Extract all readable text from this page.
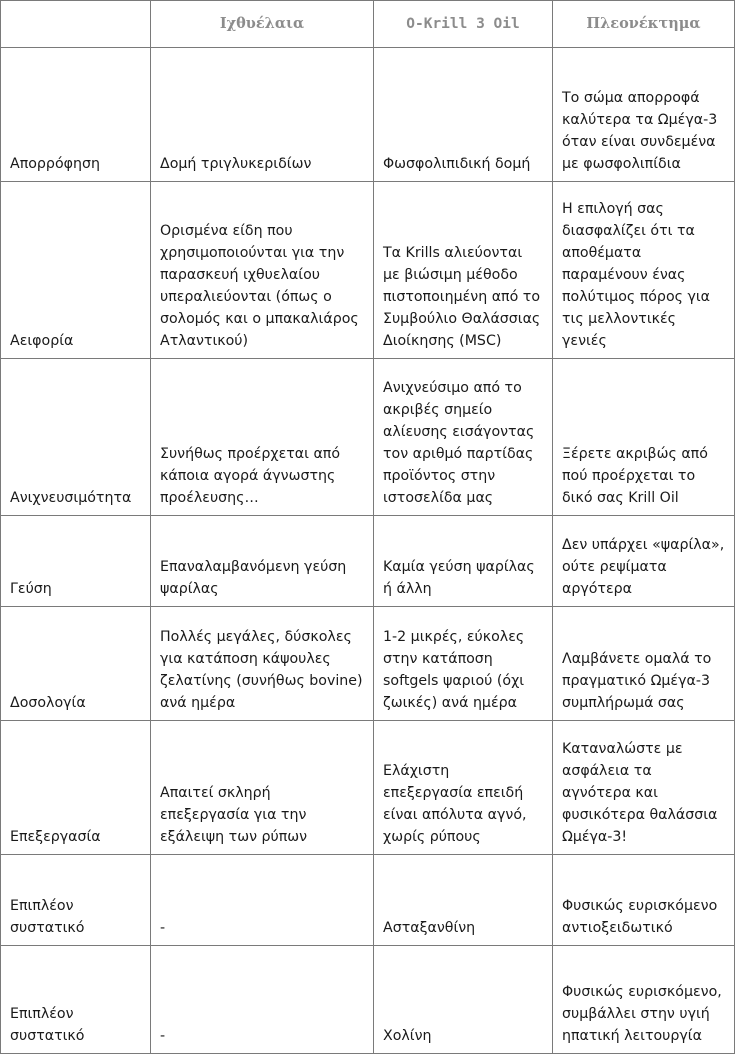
	Ιχθυέλαια	O-Krill 3 Oil	Πλεονέκτημα
Απορρόφηση	Δομή τριγλυκεριδίων	Φωσφολιπιδική δομή	Το σώμα απορροφά καλύτερα τα Ωμέγα-3 όταν είναι συνδεμένα με φωσφολιπίδια
Αειφορία	Ορισμένα είδη που χρησιμοποιούνται για την παρασκευή ιχθυελαίου υπεραλιεύονται (όπως ο σολομός και ο μπακαλιάρος Ατλαντικού)	Τα Krills αλιεύονται με βιώσιμη μέθοδο πιστοποιημένη από το Συμβούλιο Θαλάσσιας Διοίκησης (MSC)	Η επιλογή σας διασφαλίζει ότι τα αποθέματα παραμένουν ένας πολύτιμος πόρος για τις μελλοντικές γενιές
Ανιχνευσιμότητα	Συνήθως προέρχεται από κάποια αγορά άγνωστης προέλευσης…	Ανιχνεύσιμο από το ακριβές σημείο αλίευσης εισάγοντας τον αριθμό παρτίδας προϊόντος στην ιστοσελίδα μας	Ξέρετε ακριβώς από πού προέρχεται το δικό σας Krill Oil
Γεύση	Επαναλαμβανόμενη γεύση ψαρίλας	Καμία γεύση ψαρίλας ή άλλη	Δεν υπάρχει «ψαρίλα», ούτε ρεψίματα αργότερα
Δοσολογία	Πολλές μεγάλες, δύσκολες για κατάποση κάψουλες ζελατίνης (συνήθως bovine) ανά ημέρα	1-2 μικρές, εύκολες στην κατάποση softgels ψαριού (όχι ζωικές) ανά ημέρα	Λαμβάνετε ομαλά το πραγματικό Ωμέγα-3 συμπλήρωμά σας
Επεξεργασία	Απαιτεί σκληρή επεξεργασία για την εξάλειψη των ρύπων	Ελάχιστη επεξεργασία επειδή είναι απόλυτα αγνό, χωρίς ρύπους	Καταναλώστε με ασφάλεια τα αγνότερα και φυσικότερα θαλάσσια Ωμέγα-3!
Επιπλέον συστατικό	-	Ασταξανθίνη	Φυσικώς ευρισκόμενο αντιοξειδωτικό
Επιπλέον συστατικό	-	Χολίνη	Φυσικώς ευρισκόμενο, συμβάλλει στην υγιή ηπατική λειτουργία
